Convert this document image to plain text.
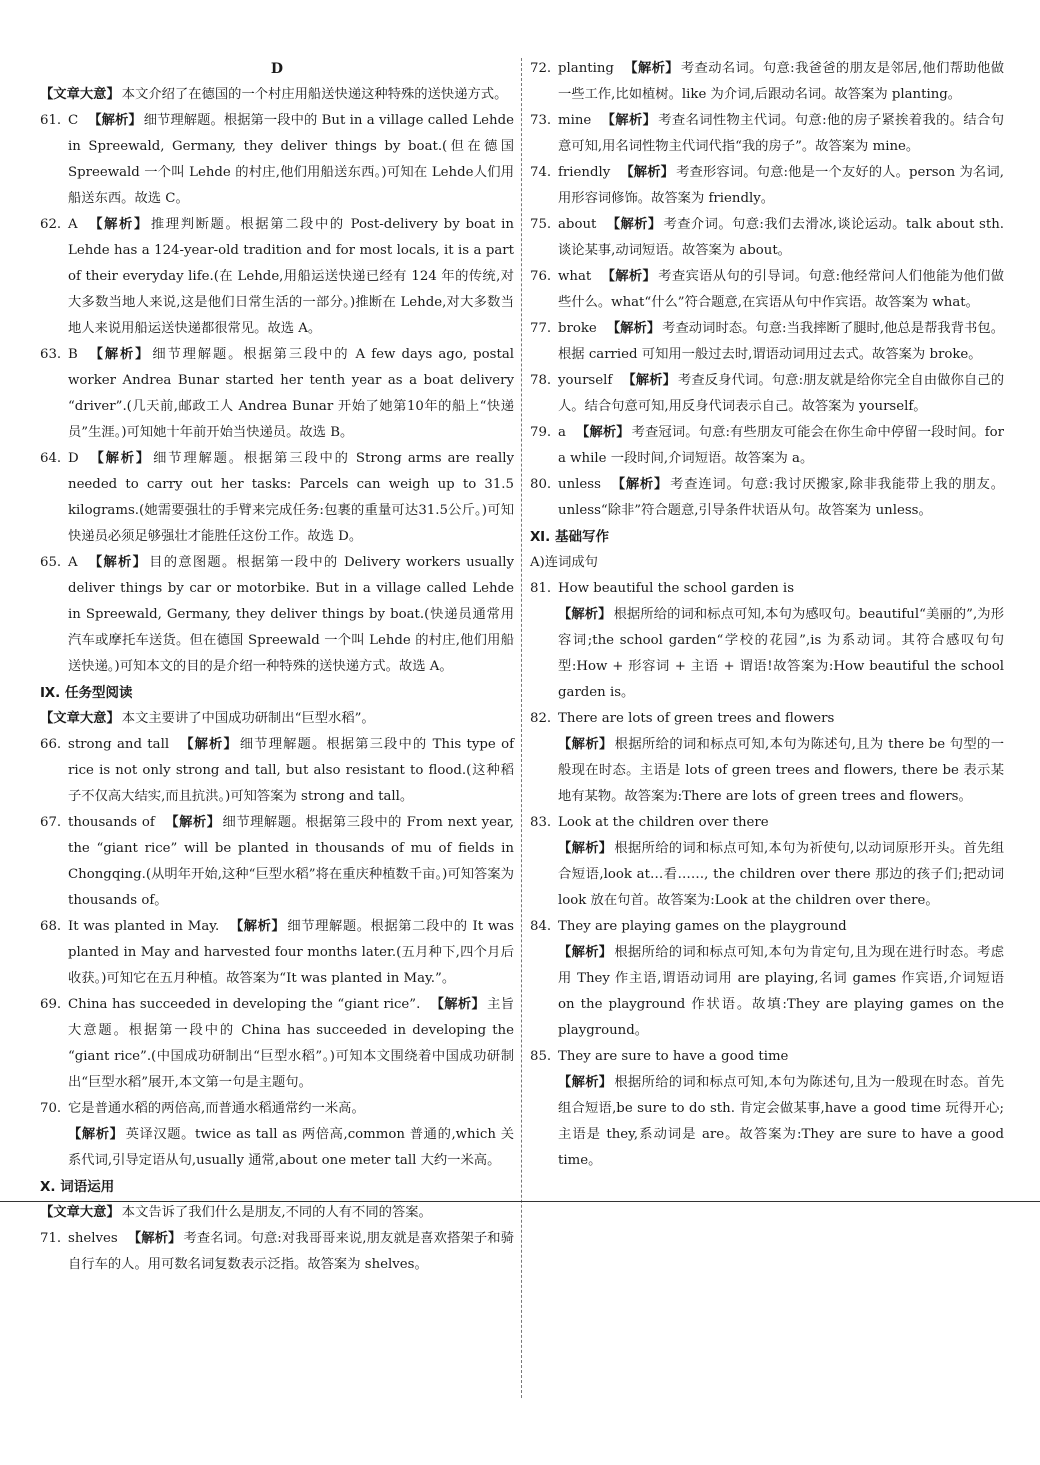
D
【文章大意】 本文介绍了在德国的一个村庄用船送快递这种特殊的送快递方式。
61. C 【解析】 细节理解题。根据第一段中的 But in a village called Lehde in Spreewald, Germany, they deliver things by boat.(但在德国 Spreewald 一个叫 Lehde 的村庄,他们用船送东西。)可知在 Lehde人们用船送东西。故选 C。
62. A 【解析】 推理判断题。根据第二段中的 Post-delivery by boat in Lehde has a 124-year-old tradition and for most locals, it is a part of their everyday life.(在 Lehde,用船运送快递已经有 124 年的传统,对大多数当地人来说,这是他们日常生活的一部分。)推断在 Lehde,对大多数当地人来说用船运送快递都很常见。故选 A。
63. B 【解析】 细节理解题。根据第三段中的 A few days ago, postal worker Andrea Bunar started her tenth year as a boat delivery “driver”.(几天前,邮政工人 Andrea Bunar 开始了她第10年的船上“快递员”生涯。)可知她十年前开始当快递员。故选 B。
64. D 【解析】 细节理解题。根据第三段中的 Strong arms are really needed to carry out her tasks: Parcels can weigh up to 31.5 kilograms.(她需要强壮的手臂来完成任务:包裹的重量可达31.5公斤。)可知快递员必须足够强壮才能胜任这份工作。故选 D。
65. A 【解析】 目的意图题。根据第一段中的 Delivery workers usually deliver things by car or motorbike. But in a village called Lehde in Spreewald, Germany, they deliver things by boat.(快递员通常用汽车或摩托车送货。但在德国 Spreewald 一个叫 Lehde 的村庄,他们用船送快递。)可知本文的目的是介绍一种特殊的送快递方式。故选 A。
Ⅸ. 任务型阅读
【文章大意】 本文主要讲了中国成功研制出“巨型水稻”。
66. strong and tall 【解析】 细节理解题。根据第三段中的 This type of rice is not only strong and tall, but also resistant to flood.(这种稻子不仅高大结实,而且抗洪。)可知答案为 strong and tall。
67. thousands of 【解析】 细节理解题。根据第三段中的 From next year, the “giant rice” will be planted in thousands of mu of fields in Chongqing.(从明年开始,这种“巨型水稻”将在重庆种植数千亩。)可知答案为 thousands of。
68. It was planted in May. 【解析】 细节理解题。根据第二段中的 It was planted in May and harvested four months later.(五月种下,四个月后收获。)可知它在五月种植。故答案为“It was planted in May.”。
69. China has succeeded in developing the “giant rice”. 【解析】 主旨大意题。根据第一段中的 China has succeeded in developing the “giant rice”.(中国成功研制出“巨型水稻”。)可知本文围绕着中国成功研制出“巨型水稻”展开,本文第一句是主题句。
70. 它是普通水稻的两倍高,而普通水稻通常约一米高。
【解析】 英译汉题。twice as tall as 两倍高,common 普通的,which 关系代词,引导定语从句,usually 通常,about one meter tall 大约一米高。
Ⅹ. 词语运用
【文章大意】 本文告诉了我们什么是朋友,不同的人有不同的答案。
71. shelves 【解析】 考查名词。句意:对我哥哥来说,朋友就是喜欢搭架子和骑自行车的人。用可数名词复数表示泛指。故答案为 shelves。
72. planting 【解析】 考查动名词。句意:我爸爸的朋友是邻居,他们帮助他做一些工作,比如植树。like 为介词,后跟动名词。故答案为 planting。
73. mine 【解析】 考查名词性物主代词。句意:他的房子紧挨着我的。结合句意可知,用名词性物主代词代指“我的房子”。故答案为 mine。
74. friendly 【解析】 考查形容词。句意:他是一个友好的人。person 为名词,用形容词修饰。故答案为 friendly。
75. about 【解析】 考查介词。句意:我们去滑冰,谈论运动。talk about sth. 谈论某事,动词短语。故答案为 about。
76. what 【解析】 考查宾语从句的引导词。句意:他经常问人们他能为他们做些什么。what“什么”符合题意,在宾语从句中作宾语。故答案为 what。
77. broke 【解析】 考查动词时态。句意:当我摔断了腿时,他总是帮我背书包。根据 carried 可知用一般过去时,谓语动词用过去式。故答案为 broke。
78. yourself 【解析】 考查反身代词。句意:朋友就是给你完全自由做你自己的人。结合句意可知,用反身代词表示自己。故答案为 yourself。
79. a 【解析】 考查冠词。句意:有些朋友可能会在你生命中停留一段时间。for a while 一段时间,介词短语。故答案为 a。
80. unless 【解析】 考查连词。句意:我讨厌搬家,除非我能带上我的朋友。unless“除非”符合题意,引导条件状语从句。故答案为 unless。
Ⅺ. 基础写作
A)连词成句
81. How beautiful the school garden is
【解析】 根据所给的词和标点可知,本句为感叹句。beautiful“美丽的”,为形容词;the school garden“学校的花园”,is 为系动词。其符合感叹句句型:How + 形容词 + 主语 + 谓语!故答案为:How beautiful the school garden is。
82. There are lots of green trees and flowers
【解析】 根据所给的词和标点可知,本句为陈述句,且为 there be 句型的一般现在时态。主语是 lots of green trees and flowers, there be 表示某地有某物。故答案为:There are lots of green trees and flowers。
83. Look at the children over there
【解析】 根据所给的词和标点可知,本句为祈使句,以动词原形开头。首先组合短语,look at…看……, the children over there 那边的孩子们;把动词 look 放在句首。故答案为:Look at the children over there。
84. They are playing games on the playground
【解析】 根据所给的词和标点可知,本句为肯定句,且为现在进行时态。考虑用 They 作主语,谓语动词用 are playing,名词 games 作宾语,介词短语 on the playground 作状语。故填:They are playing games on the playground。
85. They are sure to have a good time
【解析】 根据所给的词和标点可知,本句为陈述句,且为一般现在时态。首先组合短语,be sure to do sth. 肯定会做某事,have a good time 玩得开心;主语是 they,系动词是 are。故答案为:They are sure to have a good time。
